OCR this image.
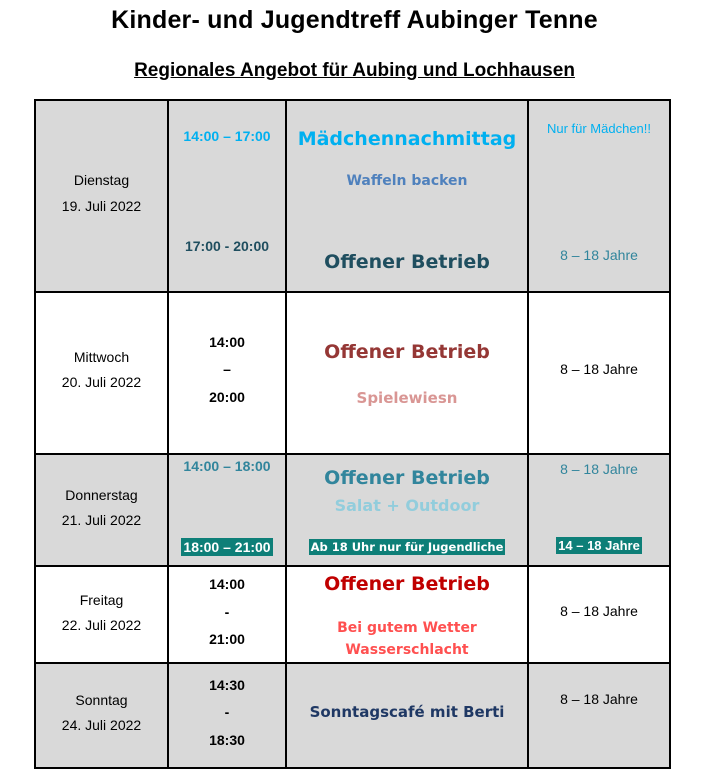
Kinder- und Jugendtreff Aubinger Tenne
Regionales Angebot für Aubing und Lochhausen
Dienstag
19. Juli 2022
14:00 – 17:00
17:00 - 20:00
Mädchennachmittag
Waffeln backen
Offener Betrieb
Nur für Mädchen!!
8 – 18 Jahre
Mittwoch
20. Juli 2022
14:00
–
20:00
Offener Betrieb
Spielewiesn
8 – 18 Jahre
Donnerstag
21. Juli 2022
14:00 – 18:00
18:00 – 21:00
Offener Betrieb
Salat + Outdoor
Ab 18 Uhr nur für Jugendliche
8 – 18 Jahre
14 – 18 Jahre
Freitag
22. Juli 2022
14:00
-
21:00
Offener Betrieb
Bei gutem Wetter
Wasserschlacht
8 – 18 Jahre
Sonntag
24. Juli 2022
14:30
-
18:30
Sonntagscafé mit Berti
8 – 18 Jahre
